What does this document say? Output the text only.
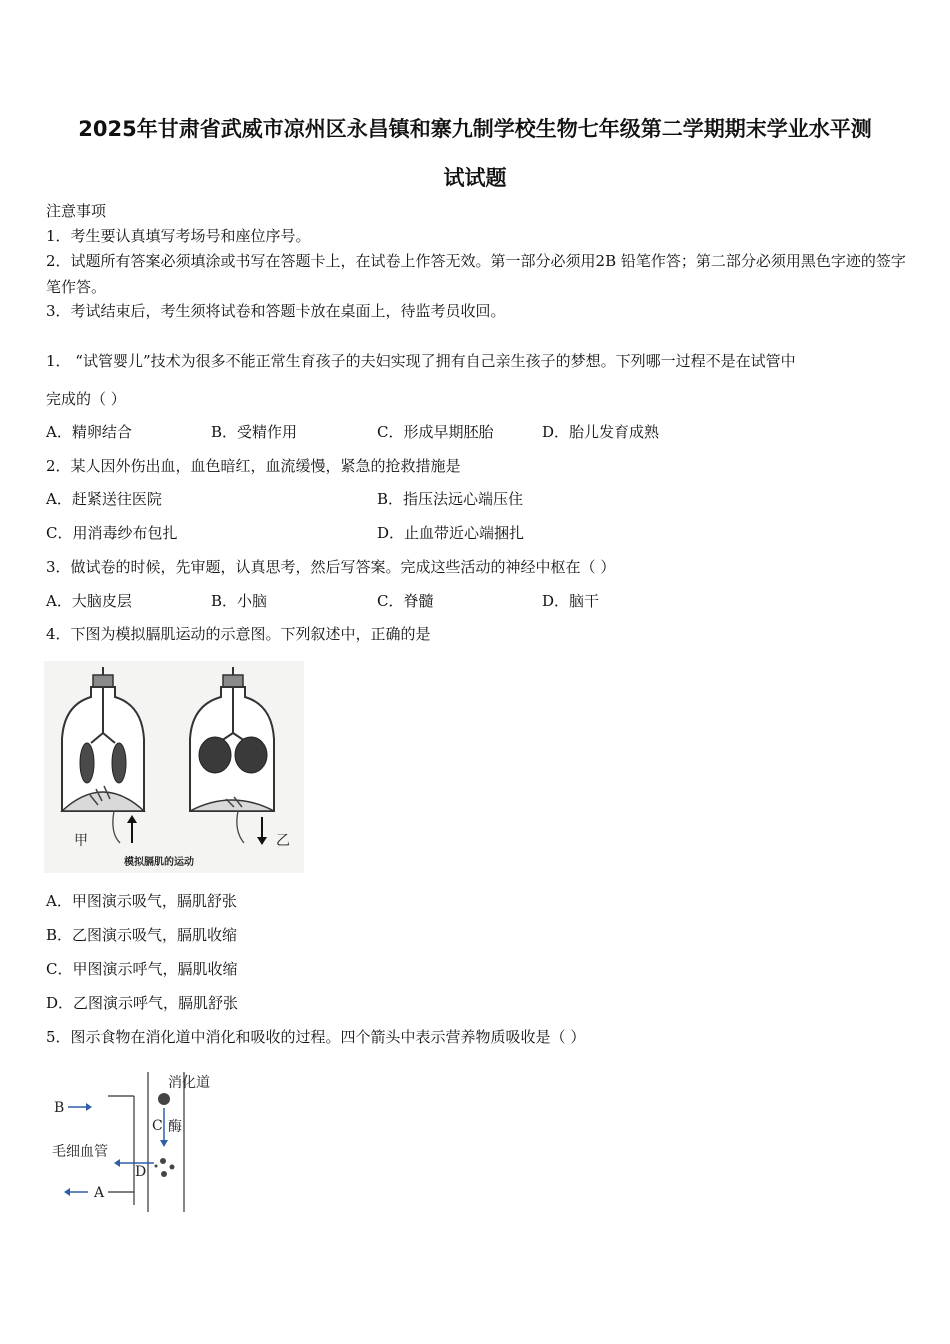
2025年甘肃省武威市凉州区永昌镇和寨九制学校生物七年级第二学期期末学业水平测
试试题
注意事项
1．考生要认真填写考场号和座位序号。
2．试题所有答案必须填涂或书写在答题卡上，在试卷上作答无效。第一部分必须用2B 铅笔作答；第二部分必须用黑色字迹的签字笔作答。
3．考试结束后，考生须将试卷和答题卡放在桌面上，待监考员收回。
1． “试管婴儿”技术为很多不能正常生育孩子的夫妇实现了拥有自己亲生孩子的梦想。下列哪一过程不是在试管中
完成的（ ）
A．精卵结合	B．受精作用	C．形成早期胚胎	D．胎儿发育成熟
2．某人因外伤出血，血色暗红，血流缓慢，紧急的抢救措施是
A．赶紧送往医院	B．指压法远心端压住
C．用消毒纱布包扎	D．止血带近心端捆扎
3．做试卷的时候，先审题，认真思考，然后写答案。完成这些活动的神经中枢在（ ）
A．大脑皮层	B．小脑	C．脊髓	D．脑干
4．下图为模拟膈肌运动的示意图。下列叙述中，正确的是
甲	乙
模拟膈肌的运动
A．甲图演示吸气，膈肌舒张
B．乙图演示吸气，膈肌收缩
C．甲图演示呼气，膈肌收缩
D．乙图演示呼气，膈肌舒张
5．图示食物在消化道中消化和吸收的过程。四个箭头中表示营养物质吸收是（ ）
消化道
毛细血管
酶
B
C
D
A
